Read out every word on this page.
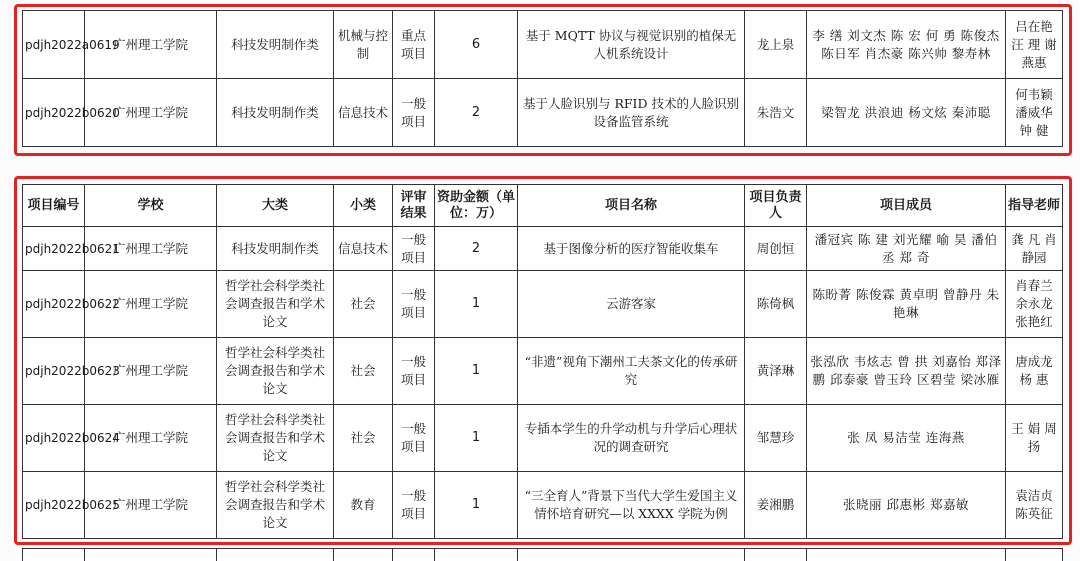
pdjh2022a0619	广州理工学院	科技发明制作类	机械与控制	重点项目	6	基于 MQTT 协议与视觉识别的植保无人机系统设计	龙上泉	李 缮 刘文杰 陈 宏 何 勇 陈俊杰 陈日军 肖杰豪 陈兴帅 黎寿林	吕在艳 汪 理 谢燕惠
pdjh2022b0620	广州理工学院	科技发明制作类	信息技术	一般项目	2	基于人脸识别与 RFID 技术的人脸识别设备监管系统	朱浩文	梁智龙 洪浪迪 杨文炫 秦沛聪	何韦颖 潘威华 钟 健
项目编号	学校	大类	小类	评审结果	资助金额（单位：万）	项目名称	项目负责人	项目成员	指导老师
pdjh2022b0621	广州理工学院	科技发明制作类	信息技术	一般项目	2	基于图像分析的医疗智能收集车	周创恒	潘冠宾 陈 建 刘光耀 喻 昊 潘伯丞 郑 奇	龚 凡 肖静园
pdjh2022b0622	广州理工学院	哲学社会科学类社会调查报告和学术论文	社会	一般项目	1	云游客家	陈倚枫	陈盼菁 陈俊霖 黄卓明 曾静丹 朱艳琳	肖春兰 余永龙 张艳红
pdjh2022b0623	广州理工学院	哲学社会科学类社会调查报告和学术论文	社会	一般项目	1	“非遗”视角下潮州工夫茶文化的传承研究	黄泽琳	张泓欣 韦炫志 曾 拱 刘嘉怡 郑泽鹏 邱泰豪 曾玉玲 区碧莹 梁冰雁	唐成龙 杨 惠
pdjh2022b0624	广州理工学院	哲学社会科学类社会调查报告和学术论文	社会	一般项目	1	专插本学生的升学动机与升学后心理状况的调查研究	邹慧珍	张 凤 易洁莹 连海燕	王 娟 周 扬
pdjh2022b0625	广州理工学院	哲学社会科学类社会调查报告和学术论文	教育	一般项目	1	“三全育人”背景下当代大学生爱国主义情怀培育研究—以 XXXX 学院为例	姜湘鹏	张晓丽 邱惠彬 郑嘉敏	袁洁贞 陈英征
